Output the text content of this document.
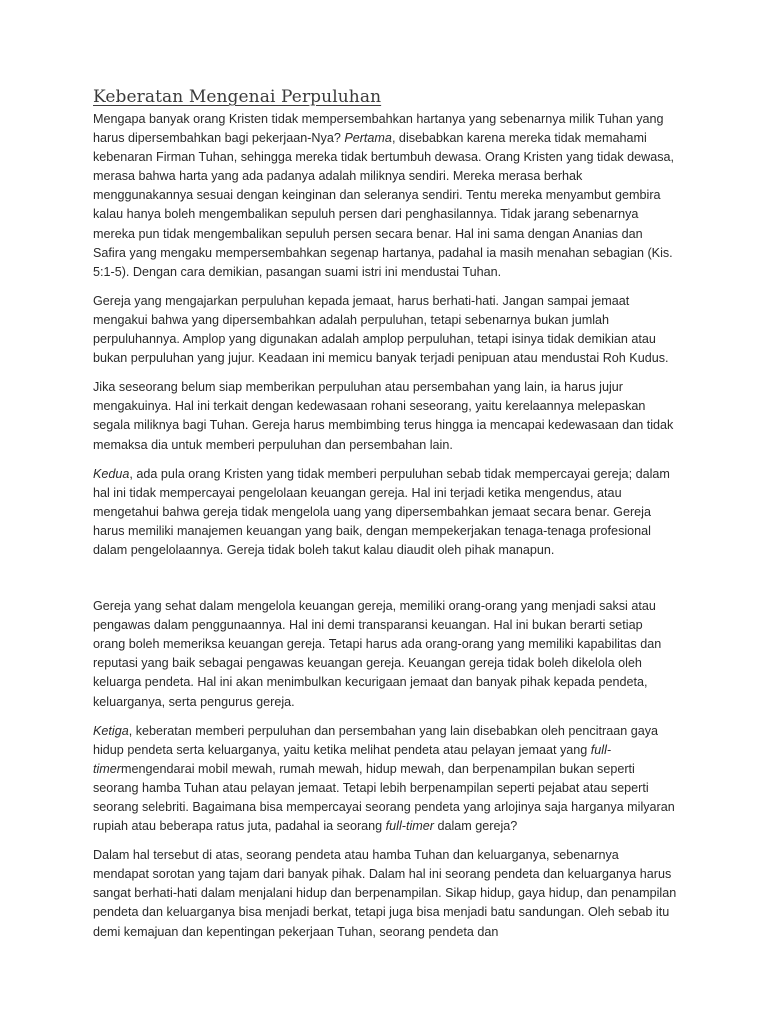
Keberatan Mengenai Perpuluhan

Mengapa banyak orang Kristen tidak mempersembahkan hartanya yang sebenarnya milik Tuhan yang harus dipersembahkan bagi pekerjaan-Nya? Pertama, disebabkan karena mereka tidak memahami kebenaran Firman Tuhan, sehingga mereka tidak bertumbuh dewasa. Orang Kristen yang tidak dewasa, merasa bahwa harta yang ada padanya adalah miliknya sendiri. Mereka merasa berhak menggunakannya sesuai dengan keinginan dan seleranya sendiri. Tentu mereka menyambut gembira kalau hanya boleh mengembalikan sepuluh persen dari penghasilannya. Tidak jarang sebenarnya mereka pun tidak mengembalikan sepuluh persen secara benar. Hal ini sama dengan Ananias dan Safira yang mengaku mempersembahkan segenap hartanya, padahal ia masih menahan sebagian (Kis. 5:1-5). Dengan cara demikian, pasangan suami istri ini mendustai Tuhan.

Gereja yang mengajarkan perpuluhan kepada jemaat, harus berhati-hati. Jangan sampai jemaat mengakui bahwa yang dipersembahkan adalah perpuluhan, tetapi sebenarnya bukan jumlah perpuluhannya. Amplop yang digunakan adalah amplop perpuluhan, tetapi isinya tidak demikian atau bukan perpuluhan yang jujur. Keadaan ini memicu banyak terjadi penipuan atau mendustai Roh Kudus.

Jika seseorang belum siap memberikan perpuluhan atau persembahan yang lain, ia harus jujur mengakuinya. Hal ini terkait dengan kedewasaan rohani seseorang, yaitu kerelaannya melepaskan segala miliknya bagi Tuhan. Gereja harus membimbing terus hingga ia mencapai kedewasaan dan tidak memaksa dia untuk memberi perpuluhan dan persembahan lain.

Kedua, ada pula orang Kristen yang tidak memberi perpuluhan sebab tidak mempercayai gereja; dalam hal ini tidak mempercayai pengelolaan keuangan gereja. Hal ini terjadi ketika mengendus, atau mengetahui bahwa gereja tidak mengelola uang yang dipersembahkan jemaat secara benar. Gereja harus memiliki manajemen keuangan yang baik, dengan mempekerjakan tenaga-tenaga profesional dalam pengelolaannya. Gereja tidak boleh takut kalau diaudit oleh pihak manapun.

Gereja yang sehat dalam mengelola keuangan gereja, memiliki orang-orang yang menjadi saksi atau pengawas dalam penggunaannya. Hal ini demi transparansi keuangan. Hal ini bukan berarti setiap orang boleh memeriksa keuangan gereja. Tetapi harus ada orang-orang yang memiliki kapabilitas dan reputasi yang baik sebagai pengawas keuangan gereja. Keuangan gereja tidak boleh dikelola oleh keluarga pendeta. Hal ini akan menimbulkan kecurigaan jemaat dan banyak pihak kepada pendeta, keluarganya, serta pengurus gereja.

Ketiga, keberatan memberi perpuluhan dan persembahan yang lain disebabkan oleh pencitraan gaya hidup pendeta serta keluarganya, yaitu ketika melihat pendeta atau pelayan jemaat yang full-timermengendarai mobil mewah, rumah mewah, hidup mewah, dan berpenampilan bukan seperti seorang hamba Tuhan atau pelayan jemaat. Tetapi lebih berpenampilan seperti pejabat atau seperti seorang selebriti. Bagaimana bisa mempercayai seorang pendeta yang arlojinya saja harganya milyaran rupiah atau beberapa ratus juta, padahal ia seorang full-timer dalam gereja?

Dalam hal tersebut di atas, seorang pendeta atau hamba Tuhan dan keluarganya, sebenarnya mendapat sorotan yang tajam dari banyak pihak. Dalam hal ini seorang pendeta dan keluarganya harus sangat berhati-hati dalam menjalani hidup dan berpenampilan. Sikap hidup, gaya hidup, dan penampilan pendeta dan keluarganya bisa menjadi berkat, tetapi juga bisa menjadi batu sandungan. Oleh sebab itu demi kemajuan dan kepentingan pekerjaan Tuhan, seorang pendeta dan
